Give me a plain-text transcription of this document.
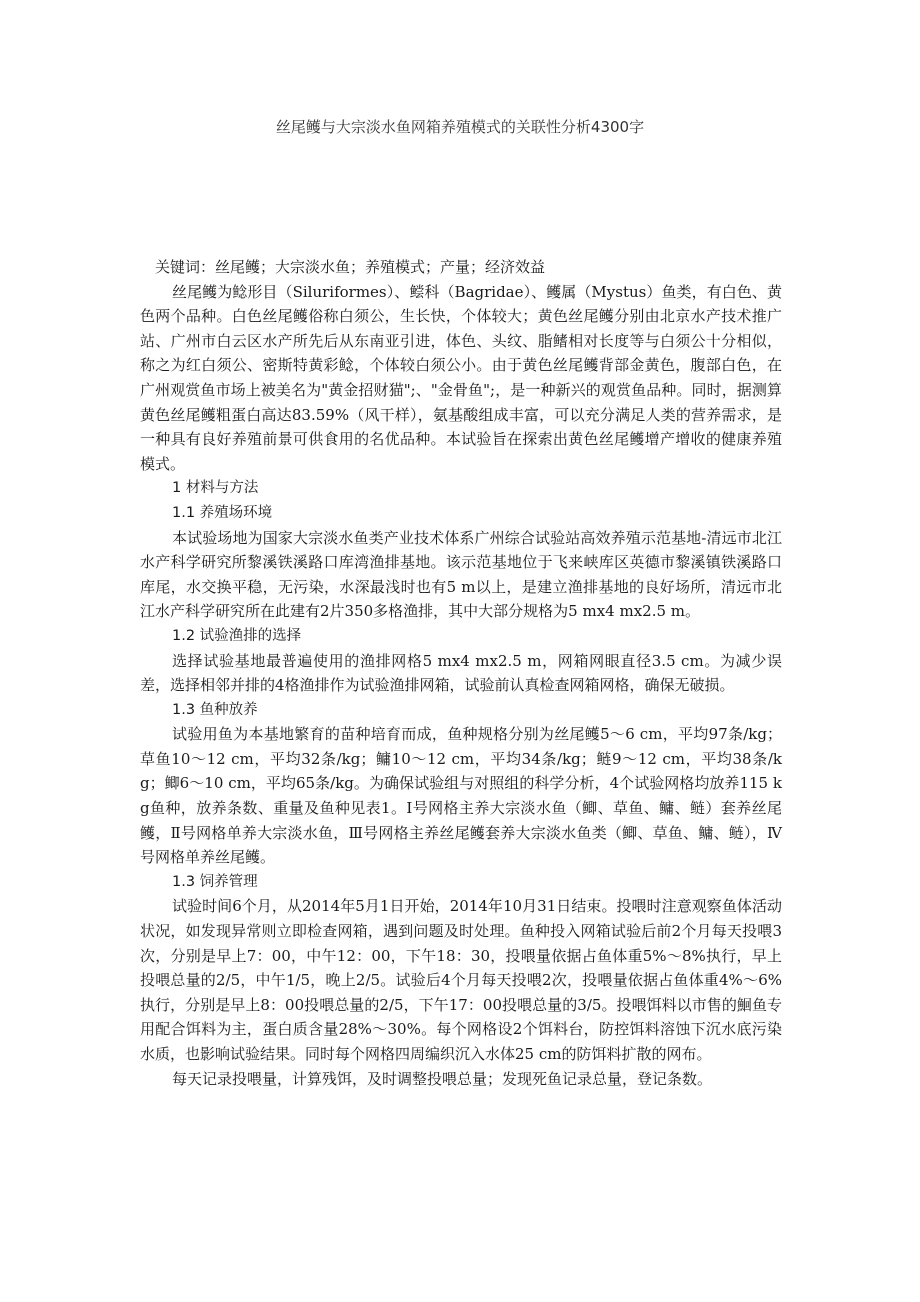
丝尾鳠与大宗淡水鱼网箱养殖模式的关联性分析4300字

关键词：丝尾鳠；大宗淡水鱼；养殖模式；产量；经济效益

丝尾鳠为鲶形目（Siluriformes）、鲿科（Bagridae）、鳠属（Mystus）鱼类，有白色、黄色两个品种。白色丝尾鳠俗称白须公，生长快，个体较大；黄色丝尾鳠分别由北京水产技术推广站、广州市白云区水产所先后从东南亚引进，体色、头纹、脂鳍相对长度等与白须公十分相似，称之为红白须公、密斯特黄彩鲶，个体较白须公小。由于黄色丝尾鳠背部金黄色，腹部白色，在广州观赏鱼市场上被美名为"黄金招财猫";、"金骨鱼";，是一种新兴的观赏鱼品种。同时，据测算黄色丝尾鳠粗蛋白高达83.59%（风干样），氨基酸组成丰富，可以充分满足人类的营养需求，是一种具有良好养殖前景可供食用的名优品种。本试验旨在探索出黄色丝尾鳠增产增收的健康养殖模式。

1 材料与方法

1.1 养殖场环境

本试验场地为国家大宗淡水鱼类产业技术体系广州综合试验站高效养殖示范基地-清远市北江水产科学研究所黎溪铁溪路口库湾渔排基地。该示范基地位于飞来峡库区英德市黎溪镇铁溪路口库尾，水交换平稳，无污染，水深最浅时也有5 m以上，是建立渔排基地的良好场所，清远市北江水产科学研究所在此建有2片350多格渔排，其中大部分规格为5 mx4 mx2.5 m。

1.2 试验渔排的选择

选择试验基地最普遍使用的渔排网格5 mx4 mx2.5 m，网箱网眼直径3.5 cm。为减少误差，选择相邻并排的4格渔排作为试验渔排网箱，试验前认真检查网箱网格，确保无破损。

1.3 鱼种放养

试验用鱼为本基地繁育的苗种培育而成，鱼种规格分别为丝尾鳠5～6 cm，平均97条/kg；草鱼10～12 cm，平均32条/kg；鳙10～12 cm，平均34条/kg；鲢9～12 cm，平均38条/kg；鲫6～10 cm，平均65条/kg。为确保试验组与对照组的科学分析，4个试验网格均放养115 kg鱼种，放养条数、重量及鱼种见表1。Ⅰ号网格主养大宗淡水鱼（鲫、草鱼、鳙、鲢）套养丝尾鳠，Ⅱ号网格单养大宗淡水鱼，Ⅲ号网格主养丝尾鳠套养大宗淡水鱼类（鲫、草鱼、鳙、鲢），Ⅳ号网格单养丝尾鳠。

1.3 饲养管理

试验时间6个月，从2014年5月1日开始，2014年10月31日结束。投喂时注意观察鱼体活动状况，如发现异常则立即检查网箱，遇到问题及时处理。鱼种投入网箱试验后前2个月每天投喂3次，分别是早上7：00，中午12：00，下午18：30，投喂量依据占鱼体重5%～8%执行，早上投喂总量的2/5，中午1/5，晚上2/5。试验后4个月每天投喂2次，投喂量依据占鱼体重4%～6%执行，分别是早上8：00投喂总量的2/5，下午17：00投喂总量的3/5。投喂饵料以市售的鮰鱼专用配合饵料为主，蛋白质含量28%～30%。每个网格设2个饵料台，防控饵料溶蚀下沉水底污染水质，也影响试验结果。同时每个网格四周编织沉入水体25 cm的防饵料扩散的网布。

每天记录投喂量，计算残饵，及时调整投喂总量；发现死鱼记录总量，登记条数。
